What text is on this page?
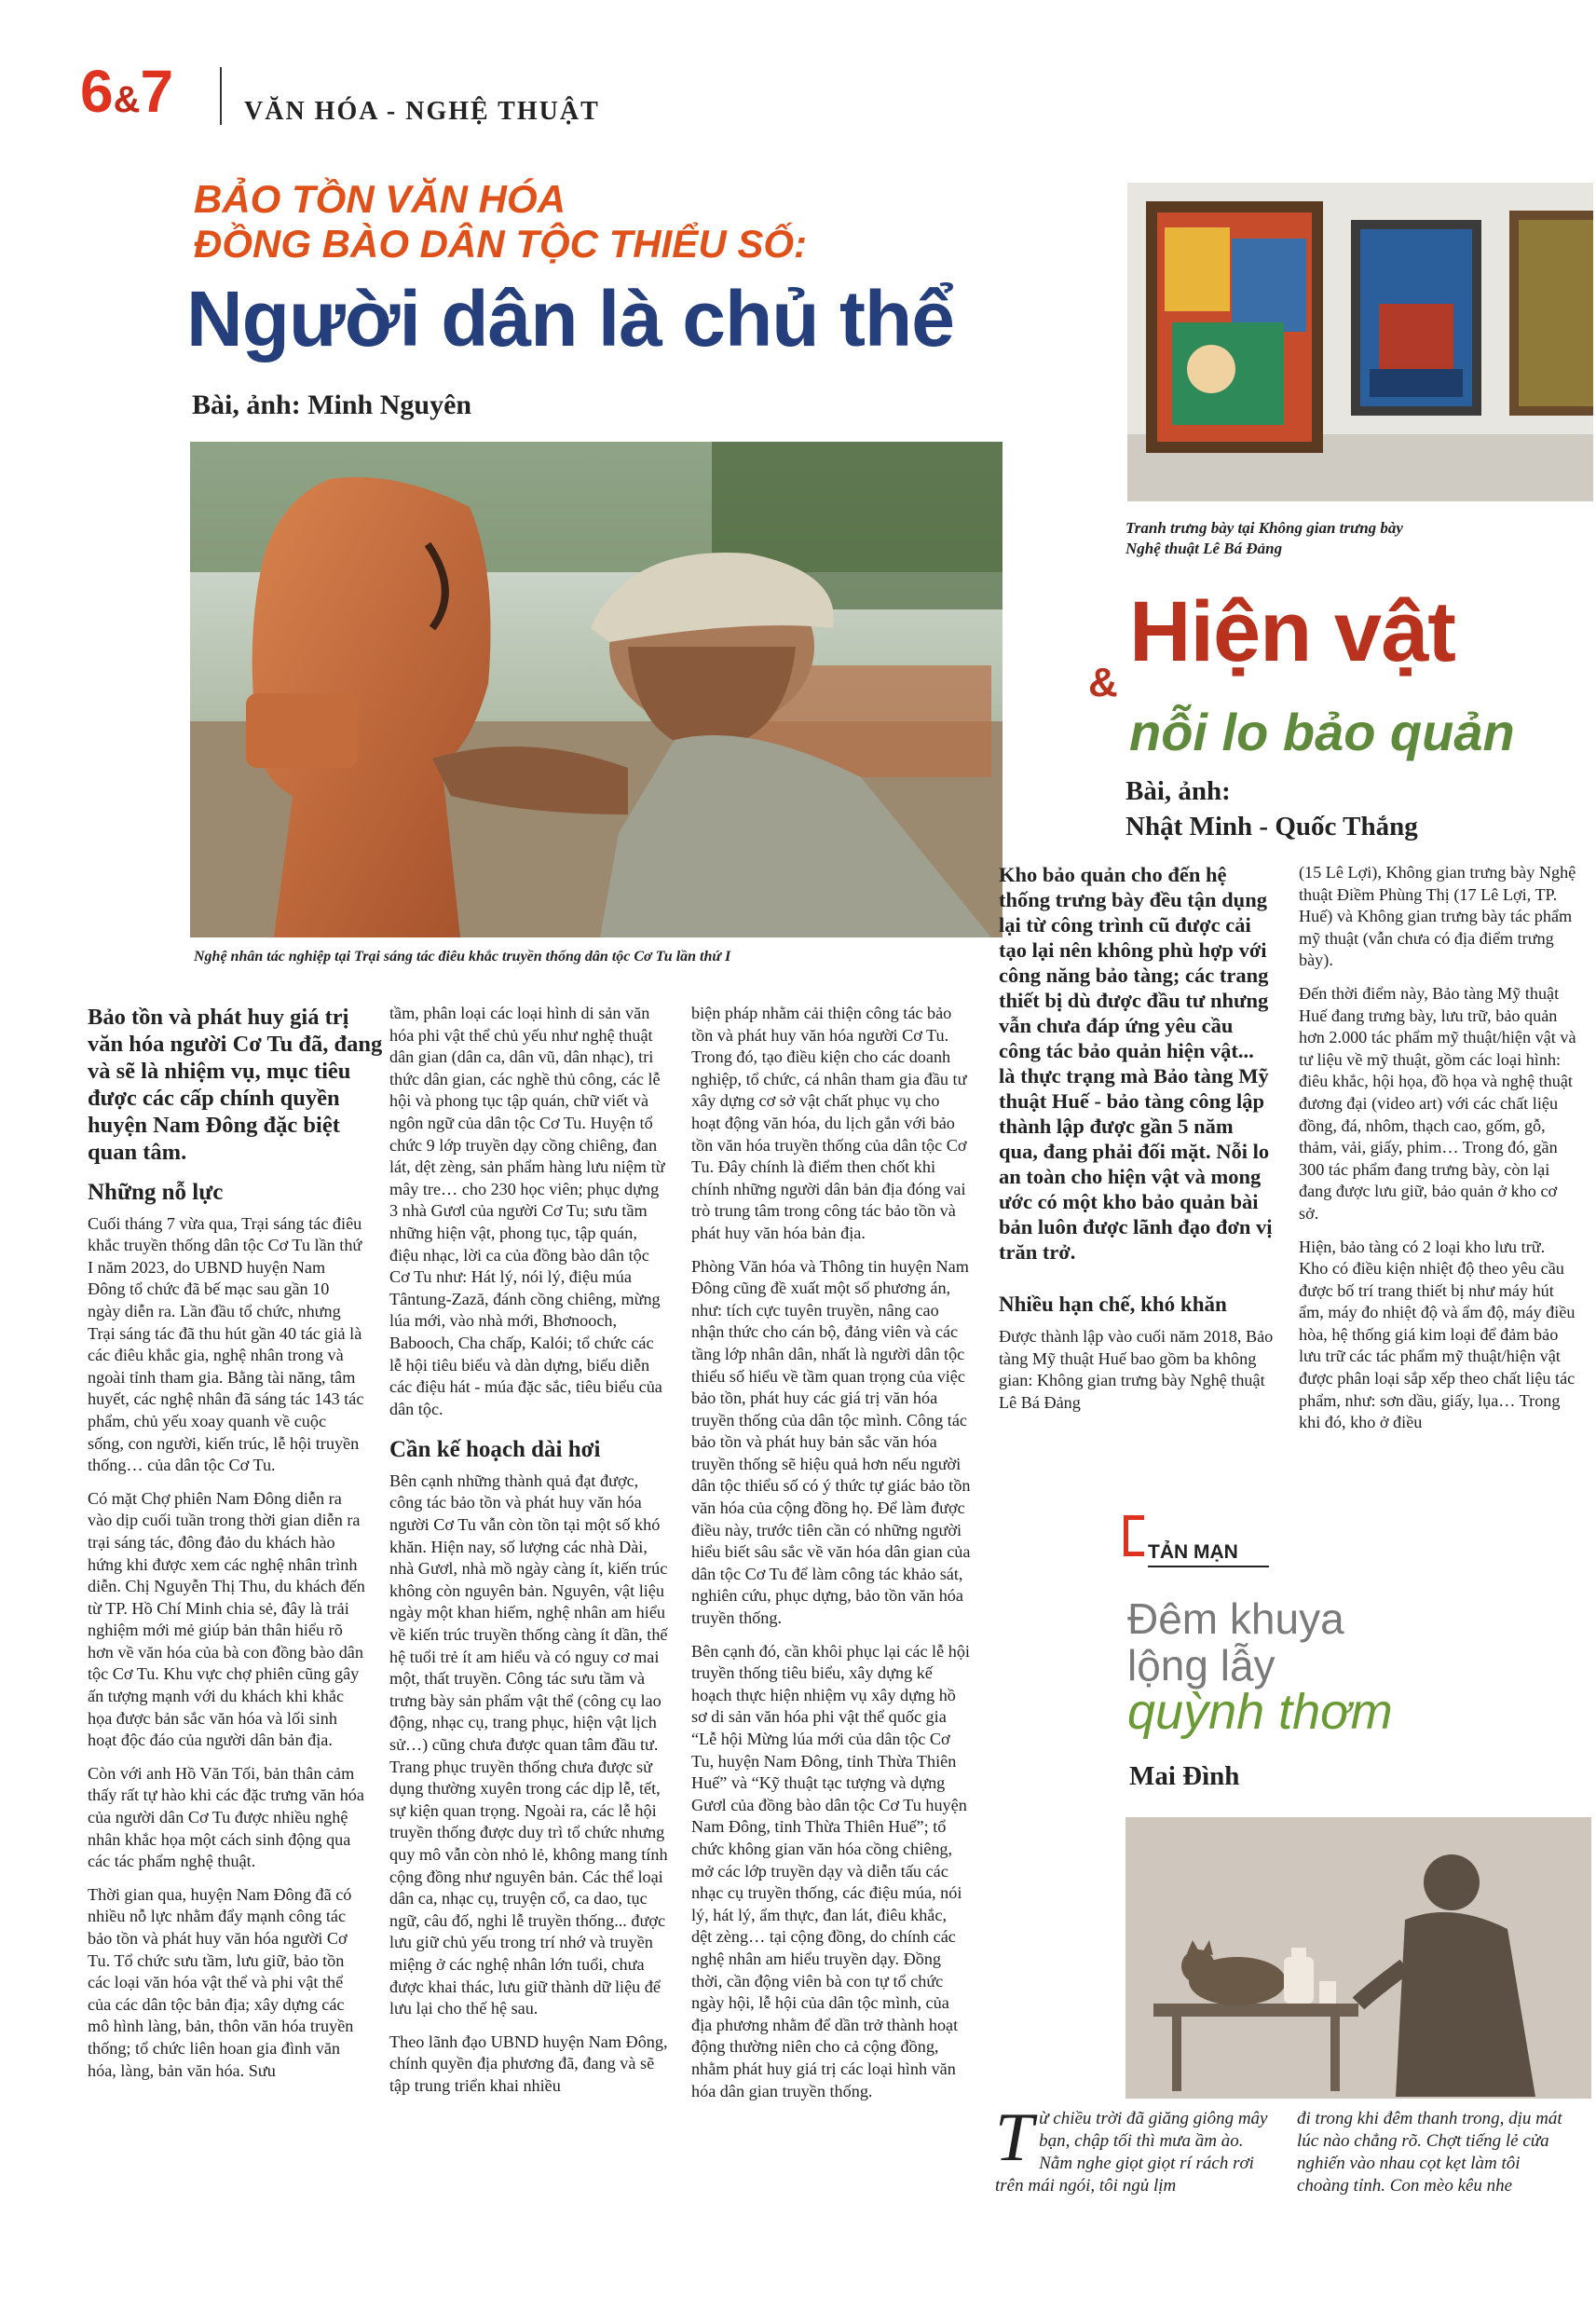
6&7	VĂN HÓA - NGHỆ THUẬT
BẢO TỒN VĂN HÓA
ĐỒNG BÀO DÂN TỘC THIỂU SỐ:
Người dân là chủ thể
Bài, ảnh: Minh Nguyên
Nghệ nhân tác nghiệp tại Trại sáng tác điêu khắc truyền thống dân tộc Cơ Tu lần thứ I
Bảo tồn và phát huy giá trị văn hóa người Cơ Tu đã, đang và sẽ là nhiệm vụ, mục tiêu được các cấp chính quyền huyện Nam Đông đặc biệt quan tâm.
Những nỗ lực

Cuối tháng 7 vừa qua, Trại sáng tác điêu khắc truyền thống dân tộc Cơ Tu lần thứ I năm 2023, do UBND huyện Nam Đông tổ chức đã bế mạc sau gần 10 ngày diễn ra. Lần đầu tổ chức, nhưng Trại sáng tác đã thu hút gần 40 tác giả là các điêu khắc gia, nghệ nhân trong và ngoài tỉnh tham gia. Bằng tài năng, tâm huyết, các nghệ nhân đã sáng tác 143 tác phẩm, chủ yếu xoay quanh về cuộc sống, con người, kiến trúc, lễ hội truyền thống… của dân tộc Cơ Tu.

Có mặt Chợ phiên Nam Đông diễn ra vào dịp cuối tuần trong thời gian diễn ra trại sáng tác, đông đảo du khách hào hứng khi được xem các nghệ nhân trình diễn. Chị Nguyễn Thị Thu, du khách đến từ TP. Hồ Chí Minh chia sẻ, đây là trải nghiệm mới mẻ giúp bản thân hiểu rõ hơn về văn hóa của bà con đồng bào dân tộc Cơ Tu. Khu vực chợ phiên cũng gây ấn tượng mạnh với du khách khi khắc họa được bản sắc văn hóa và lối sinh hoạt độc đáo của người dân bản địa.

Còn với anh Hồ Văn Tối, bản thân cảm thấy rất tự hào khi các đặc trưng văn hóa của người dân Cơ Tu được nhiều nghệ nhân khắc họa một cách sinh động qua các tác phẩm nghệ thuật.

Thời gian qua, huyện Nam Đông đã có nhiều nỗ lực nhằm đẩy mạnh công tác bảo tồn và phát huy văn hóa người Cơ Tu. Tổ chức sưu tầm, lưu giữ, bảo tồn các loại văn hóa vật thể và phi vật thể của các dân tộc bản địa; xây dựng các mô hình làng, bản, thôn văn hóa truyền thống; tổ chức liên hoan gia đình văn hóa, làng, bản văn hóa. Sưu

tầm, phân loại các loại hình di sản văn hóa phi vật thể chủ yếu như nghệ thuật dân gian (dân ca, dân vũ, dân nhạc), tri thức dân gian, các nghề thủ công, các lễ hội và phong tục tập quán, chữ viết và ngôn ngữ của dân tộc Cơ Tu. Huyện tổ chức 9 lớp truyền dạy cồng chiêng, đan lát, dệt zèng, sản phẩm hàng lưu niệm từ mây tre… cho 230 học viên; phục dựng 3 nhà Gươl của người Cơ Tu; sưu tầm những hiện vật, phong tục, tập quán, điệu nhạc, lời ca của đồng bào dân tộc Cơ Tu như: Hát lý, nói lý, điệu múa Tântung-Zază, đánh cồng chiêng, mừng lúa mới, vào nhà mới, Bhơnooch, Babooch, Cha chấp, Kalói; tổ chức các lễ hội tiêu biểu và dàn dựng, biểu diễn các điệu hát - múa đặc sắc, tiêu biểu của dân tộc.

Cần kế hoạch dài hơi

Bên cạnh những thành quả đạt được, công tác bảo tồn và phát huy văn hóa người Cơ Tu vẫn còn tồn tại một số khó khăn. Hiện nay, số lượng các nhà Dài, nhà Gươl, nhà mồ ngày càng ít, kiến trúc không còn nguyên bản. Nguyên, vật liệu ngày một khan hiếm, nghệ nhân am hiểu về kiến trúc truyền thống càng ít dần, thế hệ tuổi trẻ ít am hiểu và có nguy cơ mai một, thất truyền. Công tác sưu tầm và trưng bày sản phẩm vật thể (công cụ lao động, nhạc cụ, trang phục, hiện vật lịch sử…) cũng chưa được quan tâm đầu tư. Trang phục truyền thống chưa được sử dụng thường xuyên trong các dịp lễ, tết, sự kiện quan trọng. Ngoài ra, các lễ hội truyền thống được duy trì tổ chức nhưng quy mô vẫn còn nhỏ lẻ, không mang tính cộng đồng như nguyên bản. Các thể loại dân ca, nhạc cụ, truyện cổ, ca dao, tục ngữ, câu đố, nghi lễ truyền thống... được lưu giữ chủ yếu trong trí nhớ và truyền miệng ở các nghệ nhân lớn tuổi, chưa được khai thác, lưu giữ thành dữ liệu để lưu lại cho thế hệ sau.

Theo lãnh đạo UBND huyện Nam Đông, chính quyền địa phương đã, đang và sẽ tập trung triển khai nhiều

biện pháp nhằm cải thiện công tác bảo tồn và phát huy văn hóa người Cơ Tu. Trong đó, tạo điều kiện cho các doanh nghiệp, tổ chức, cá nhân tham gia đầu tư xây dựng cơ sở vật chất phục vụ cho hoạt động văn hóa, du lịch gắn với bảo tồn văn hóa truyền thống của dân tộc Cơ Tu. Đây chính là điểm then chốt khi chính những người dân bản địa đóng vai trò trung tâm trong công tác bảo tồn và phát huy văn hóa bản địa.

Phòng Văn hóa và Thông tin huyện Nam Đông cũng đề xuất một số phương án, như: tích cực tuyên truyền, nâng cao nhận thức cho cán bộ, đảng viên và các tầng lớp nhân dân, nhất là người dân tộc thiểu số hiểu về tầm quan trọng của việc bảo tồn, phát huy các giá trị văn hóa truyền thống của dân tộc mình. Công tác bảo tồn và phát huy bản sắc văn hóa truyền thống sẽ hiệu quả hơn nếu người dân tộc thiểu số có ý thức tự giác bảo tồn văn hóa của cộng đồng họ. Để làm được điều này, trước tiên cần có những người hiểu biết sâu sắc về văn hóa dân gian của dân tộc Cơ Tu để làm công tác khảo sát, nghiên cứu, phục dựng, bảo tồn văn hóa truyền thống.

Bên cạnh đó, cần khôi phục lại các lễ hội truyền thống tiêu biểu, xây dựng kế hoạch thực hiện nhiệm vụ xây dựng hồ sơ di sản văn hóa phi vật thể quốc gia “Lễ hội Mừng lúa mới của dân tộc Cơ Tu, huyện Nam Đông, tỉnh Thừa Thiên Huế” và “Kỹ thuật tạc tượng và dựng Gươl của đồng bào dân tộc Cơ Tu huyện Nam Đông, tỉnh Thừa Thiên Huế”; tổ chức không gian văn hóa cồng chiêng, mở các lớp truyền dạy và diễn tấu các nhạc cụ truyền thống, các điệu múa, nói lý, hát lý, ẩm thực, đan lát, điêu khắc, dệt zèng… tại cộng đồng, do chính các nghệ nhân am hiểu truyền dạy. Đồng thời, cần động viên bà con tự tổ chức ngày hội, lễ hội của dân tộc mình, của địa phương nhằm để dần trở thành hoạt động thường niên cho cả cộng đồng, nhằm phát huy giá trị các loại hình văn hóa dân gian truyền thống.

Tranh trưng bày tại Không gian trưng bày
Nghệ thuật Lê Bá Đảng
Hiện vật
&
nỗi lo bảo quản
Bài, ảnh:
Nhật Minh - Quốc Thắng
Kho bảo quản cho đến hệ thống trưng bày đều tận dụng lại từ công trình cũ được cải tạo lại nên không phù hợp với công năng bảo tàng; các trang thiết bị dù được đầu tư nhưng vẫn chưa đáp ứng yêu cầu công tác bảo quản hiện vật... là thực trạng mà Bảo tàng Mỹ thuật Huế - bảo tàng công lập thành lập được gần 5 năm qua, đang phải đối mặt. Nỗi lo an toàn cho hiện vật và mong ước có một kho bảo quản bài bản luôn được lãnh đạo đơn vị trăn trở.
Nhiều hạn chế, khó khăn

Được thành lập vào cuối năm 2018, Bảo tàng Mỹ thuật Huế bao gồm ba không gian: Không gian trưng bày Nghệ thuật Lê Bá Đảng

(15 Lê Lợi), Không gian trưng bày Nghệ thuật Điềm Phùng Thị (17 Lê Lợi, TP. Huế) và Không gian trưng bày tác phẩm mỹ thuật (vẫn chưa có địa điểm trưng bày).

Đến thời điểm này, Bảo tàng Mỹ thuật Huế đang trưng bày, lưu trữ, bảo quản hơn 2.000 tác phẩm mỹ thuật/hiện vật và tư liệu về mỹ thuật, gồm các loại hình: điêu khắc, hội họa, đồ họa và nghệ thuật đương đại (video art) với các chất liệu đồng, đá, nhôm, thạch cao, gốm, gỗ, thảm, vải, giấy, phim… Trong đó, gần 300 tác phẩm đang trưng bày, còn lại đang được lưu giữ, bảo quản ở kho cơ sở.

Hiện, bảo tàng có 2 loại kho lưu trữ. Kho có điều kiện nhiệt độ theo yêu cầu được bố trí trang thiết bị như máy hút ẩm, máy đo nhiệt độ và ẩm độ, máy điều hòa, hệ thống giá kim loại để đảm bảo lưu trữ các tác phẩm mỹ thuật/hiện vật được phân loại sắp xếp theo chất liệu tác phẩm, như: sơn dầu, giấy, lụa… Trong khi đó, kho ở điều

TẢN MẠN
Đêm khuya
lộng lẫy
quỳnh thơm
Mai Đình
Từ chiều trời đã giăng giông mây bạn, chập tối thì mưa ầm ào. Nằm nghe giọt giọt rí rách rơi trên mái ngói, tôi ngủ lịm
đi trong khi đêm thanh trong, dịu mát lúc nào chẳng rõ. Chợt tiếng lẻ cửa nghiến vào nhau cọt kẹt làm tôi choàng tỉnh. Con mèo kêu nhe
